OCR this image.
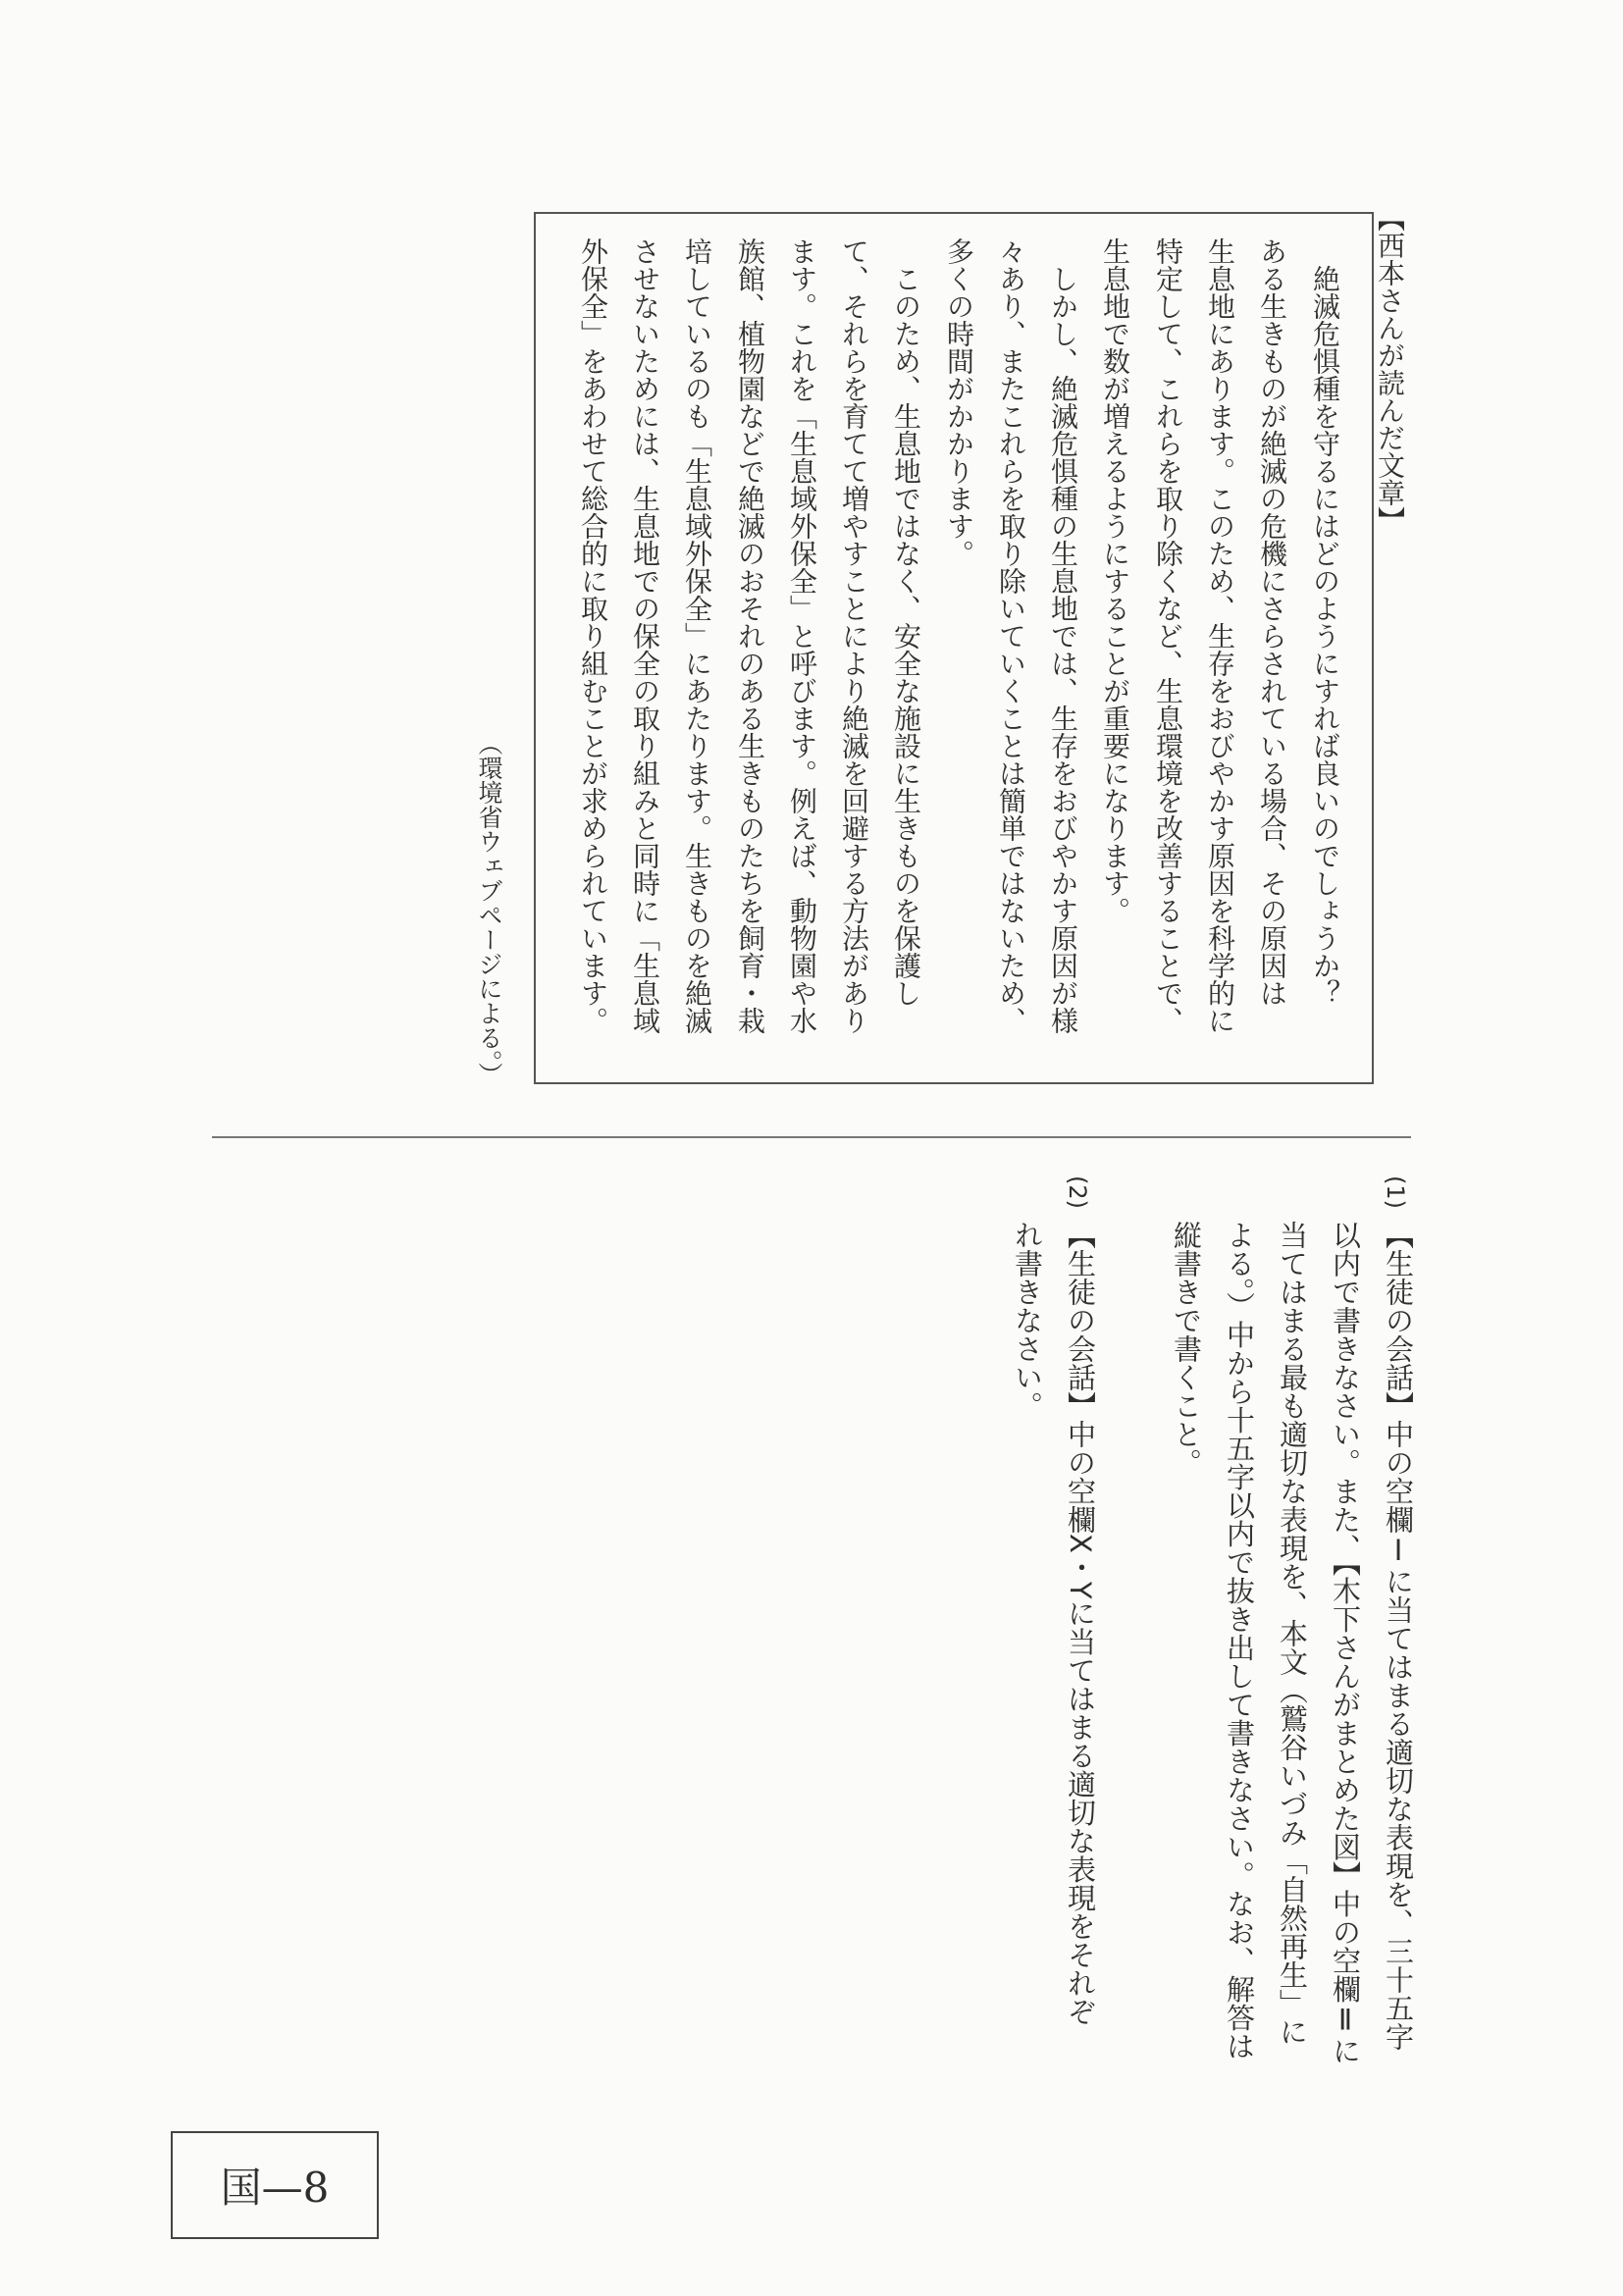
【西本さんが読んだ文章】
　絶滅危惧種を守るにはどのようにすれば良いのでしょうか？
ある生きものが絶滅の危機にさらされている場合、その原因は
生息地にあります。このため、生存をおびやかす原因を科学的に
特定して、これらを取り除くなど、生息環境を改善することで、
生息地で数が増えるようにすることが重要になります。
　しかし、絶滅危惧種の生息地では、生存をおびやかす原因が様
々あり、またこれらを取り除いていくことは簡単ではないため、
多くの時間がかかります。
　このため、生息地ではなく、安全な施設に生きものを保護し
て、それらを育てて増やすことにより絶滅を回避する方法があり
ます。これを「生息域外保全」と呼びます。例えば、動物園や水
族館、植物園などで絶滅のおそれのある生きものたちを飼育・栽
培しているのも「生息域外保全」にあたります。生きものを絶滅
させないためには、生息地での保全の取り組みと同時に「生息域
外保全」をあわせて総合的に取り組むことが求められています。
（環境省ウェブページによる。）
(1)
【生徒の会話】中の空欄Ⅰに当てはまる適切な表現を、三十五字
以内で書きなさい。また、【木下さんがまとめた図】中の空欄Ⅱに
当てはまる最も適切な表現を、本文（鷲谷いづみ「自然再生」に
よる。）中から十五字以内で抜き出して書きなさい。なお、解答は
縦書きで書くこと。
(2)
【生徒の会話】中の空欄X・Yに当てはまる適切な表現をそれぞ
れ書きなさい。
国—8
